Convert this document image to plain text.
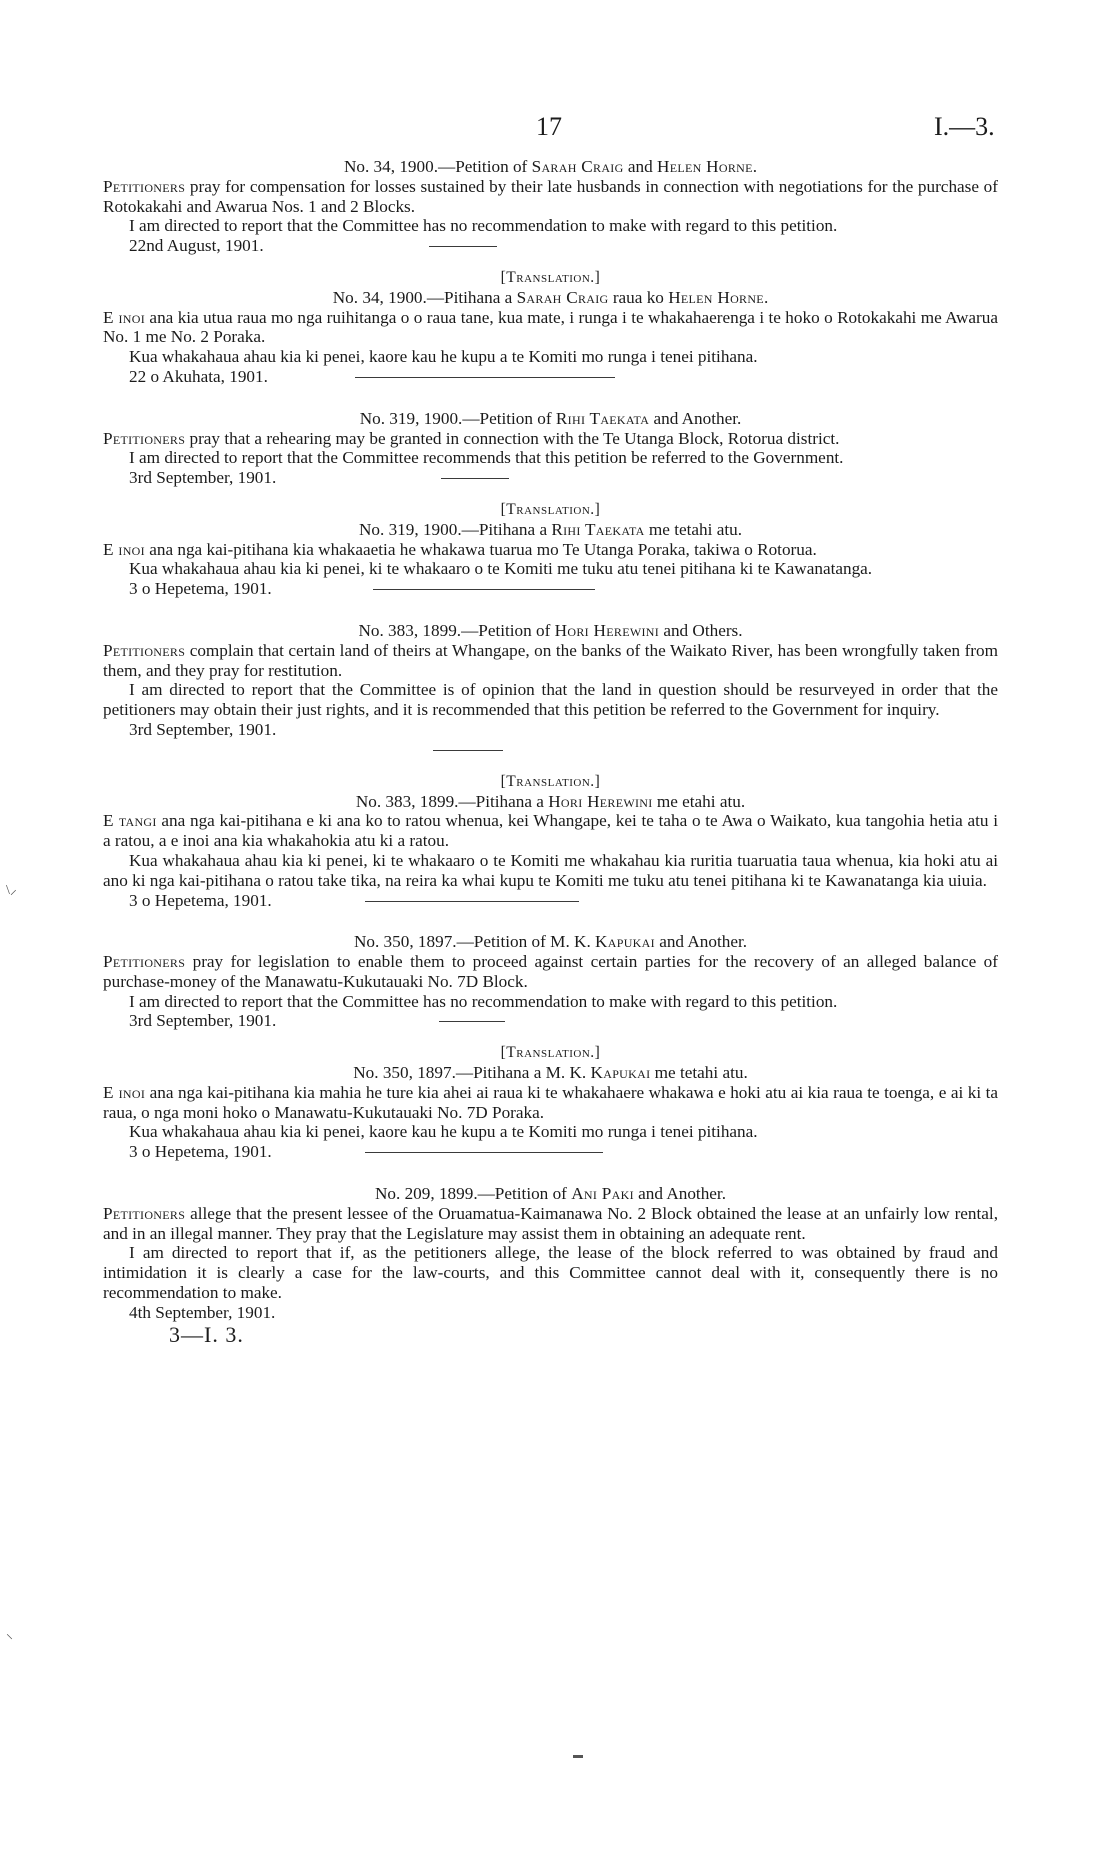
17	I.—3.

No. 34, 1900.—Petition of Sarah Craig and Helen Horne.

Petitioners pray for compensation for losses sustained by their late husbands in connection with negotiations for the purchase of Rotokakahi and Awarua Nos. 1 and 2 Blocks.

I am directed to report that the Committee has no recommendation to make with regard to this petition.

22nd August, 1901.

[Translation.]

No. 34, 1900.—Pitihana a Sarah Craig raua ko Helen Horne.

E inoi ana kia utua raua mo nga ruihitanga o o raua tane, kua mate, i runga i te whakahaerenga i te hoko o Rotokakahi me Awarua No. 1 me No. 2 Poraka.

Kua whakahaua ahau kia ki penei, kaore kau he kupu a te Komiti mo runga i tenei pitihana.

22 o Akuhata, 1901.

No. 319, 1900.—Petition of Rihi Taekata and Another.

Petitioners pray that a rehearing may be granted in connection with the Te Utanga Block, Rotorua district.

I am directed to report that the Committee recommends that this petition be referred to the Government.

3rd September, 1901.

[Translation.]

No. 319, 1900.—Pitihana a Rihi Taekata me tetahi atu.

E inoi ana nga kai-pitihana kia whakaaetia he whakawa tuarua mo Te Utanga Poraka, takiwa o Rotorua.

Kua whakahaua ahau kia ki penei, ki te whakaaro o te Komiti me tuku atu tenei pitihana ki te Kawanatanga.

3 o Hepetema, 1901.

No. 383, 1899.—Petition of Hori Herewini and Others.

Petitioners complain that certain land of theirs at Whangape, on the banks of the Waikato River, has been wrongfully taken from them, and they pray for restitution.

I am directed to report that the Committee is of opinion that the land in question should be resurveyed in order that the petitioners may obtain their just rights, and it is recommended that this petition be referred to the Government for inquiry.

3rd September, 1901.

[Translation.]

No. 383, 1899.—Pitihana a Hori Herewini me etahi atu.

E tangi ana nga kai-pitihana e ki ana ko to ratou whenua, kei Whangape, kei te taha o te Awa o Waikato, kua tangohia hetia atu i a ratou, a e inoi ana kia whakahokia atu ki a ratou.

Kua whakahaua ahau kia ki penei, ki te whakaaro o te Komiti me whakahau kia ruritia tuaruatia taua whenua, kia hoki atu ai ano ki nga kai-pitihana o ratou take tika, na reira ka whai kupu te Komiti me tuku atu tenei pitihana ki te Kawanatanga kia uiuia.

3 o Hepetema, 1901.

No. 350, 1897.—Petition of M. K. Kapukai and Another.

Petitioners pray for legislation to enable them to proceed against certain parties for the recovery of an alleged balance of purchase-money of the Manawatu-Kukutauaki No. 7D Block.

I am directed to report that the Committee has no recommendation to make with regard to this petition.

3rd September, 1901.

[Translation.]

No. 350, 1897.—Pitihana a M. K. Kapukai me tetahi atu.

E inoi ana nga kai-pitihana kia mahia he ture kia ahei ai raua ki te whakahaere whakawa e hoki atu ai kia raua te toenga, e ai ki ta raua, o nga moni hoko o Manawatu-Kukutauaki No. 7D Poraka.

Kua whakahaua ahau kia ki penei, kaore kau he kupu a te Komiti mo runga i tenei pitihana.

3 o Hepetema, 1901.

No. 209, 1899.—Petition of Ani Paki and Another.

Petitioners allege that the present lessee of the Oruamatua-Kaimanawa No. 2 Block obtained the lease at an unfairly low rental, and in an illegal manner. They pray that the Legislature may assist them in obtaining an adequate rent.

I am directed to report that if, as the petitioners allege, the lease of the block referred to was obtained by fraud and intimidation it is clearly a case for the law-courts, and this Committee cannot deal with it, consequently there is no recommendation to make.

4th September, 1901.
3—I. 3.
\⸝
⸌
▬
